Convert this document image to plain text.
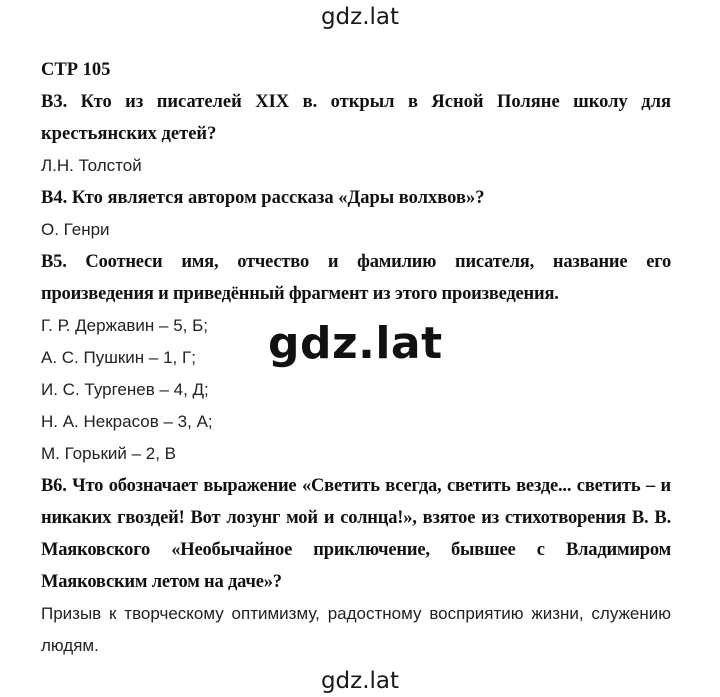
gdz.lat
СТР 105
В3. Кто из писателей XIX в. открыл в Ясной Поляне школу для крестьянских детей?
Л.Н. Толстой
В4. Кто является автором рассказа «Дары волхвов»?
О. Генри
В5. Соотнеси имя, отчество и фамилию писателя, название его произведения и приведённый фрагмент из этого произведения.
Г. Р. Державин – 5, Б;
А. С. Пушкин – 1, Г;
И. С. Тургенев – 4, Д;
Н. А. Некрасов – 3, А;
М. Горький – 2, В
В6. Что обозначает выражение «Светить всегда, светить везде... светить – и никаких гвоздей! Вот лозунг мой и солнца!», взятое из стихотворения В. В. Маяковского «Необычайное приключение, бывшее с Владимиром Маяковским летом на даче»?
Призыв к творческому оптимизму, радостному восприятию жизни, служению людям.
gdz.lat
gdz.lat
